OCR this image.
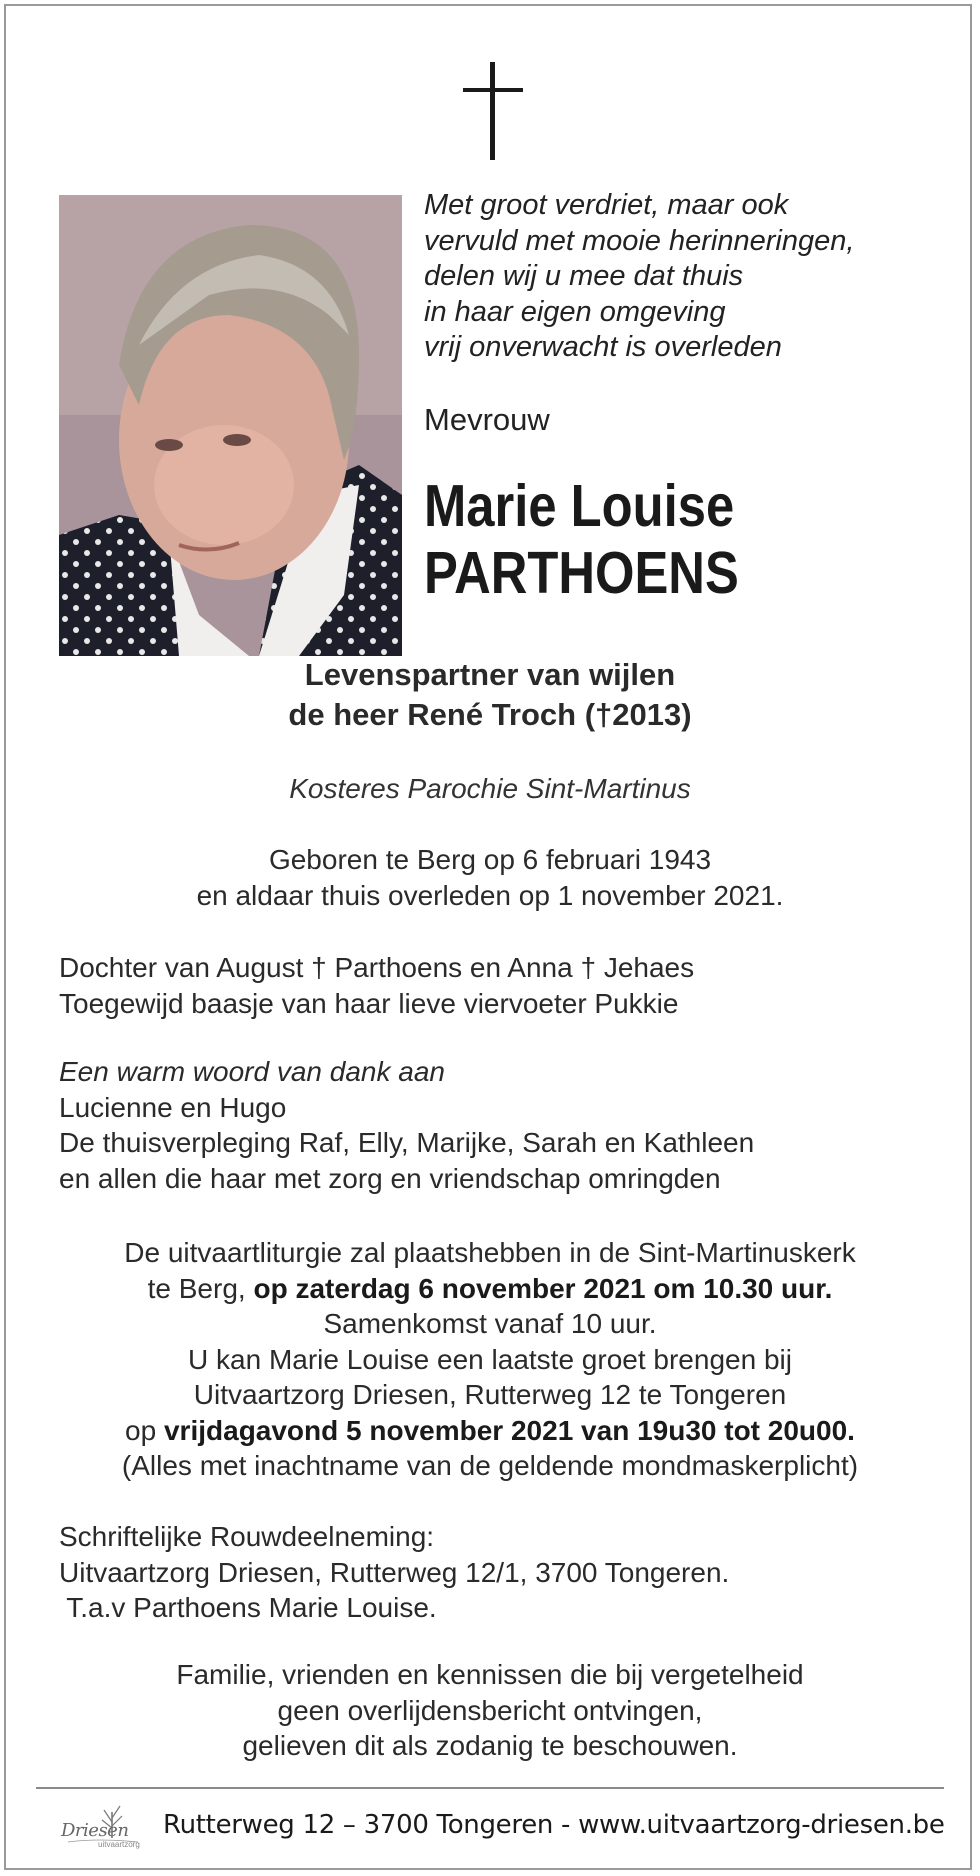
Met groot verdriet, maar ook
vervuld met mooie herinneringen,
delen wij u mee dat thuis
in haar eigen omgeving
vrij onverwacht is overleden
Mevrouw
Marie Louise
PARTHOENS
Levenspartner van wijlen
de heer René Troch (†2013)
Kosteres Parochie Sint-Martinus
Geboren te Berg op 6 februari 1943
en aldaar thuis overleden op 1 november 2021.
Dochter van August † Parthoens en Anna † Jehaes
Toegewijd baasje van haar lieve viervoeter Pukkie
Een warm woord van dank aan
Lucienne en Hugo
De thuisverpleging Raf, Elly, Marijke, Sarah en Kathleen
en allen die haar met zorg en vriendschap omringden
De uitvaartliturgie zal plaatshebben in de Sint-Martinuskerk
te Berg, op zaterdag 6 november 2021 om 10.30 uur.
Samenkomst vanaf 10 uur.
U kan Marie Louise een laatste groet brengen bij
Uitvaartzorg Driesen, Rutterweg 12 te Tongeren
op vrijdagavond 5 november 2021 van 19u30 tot 20u00.
(Alles met inachtname van de geldende mondmaskerplicht)
Schriftelijke Rouwdeelneming:
Uitvaartzorg Driesen, Rutterweg 12/1, 3700 Tongeren.
T.a.v Parthoens Marie Louise.
Familie, vrienden en kennissen die bij vergetelheid
geen overlijdensbericht ontvingen,
gelieven dit als zodanig te beschouwen.
Driesen
uitvaartzorg
Rutterweg 12 – 3700 Tongeren - www.uitvaartzorg-driesen.be
